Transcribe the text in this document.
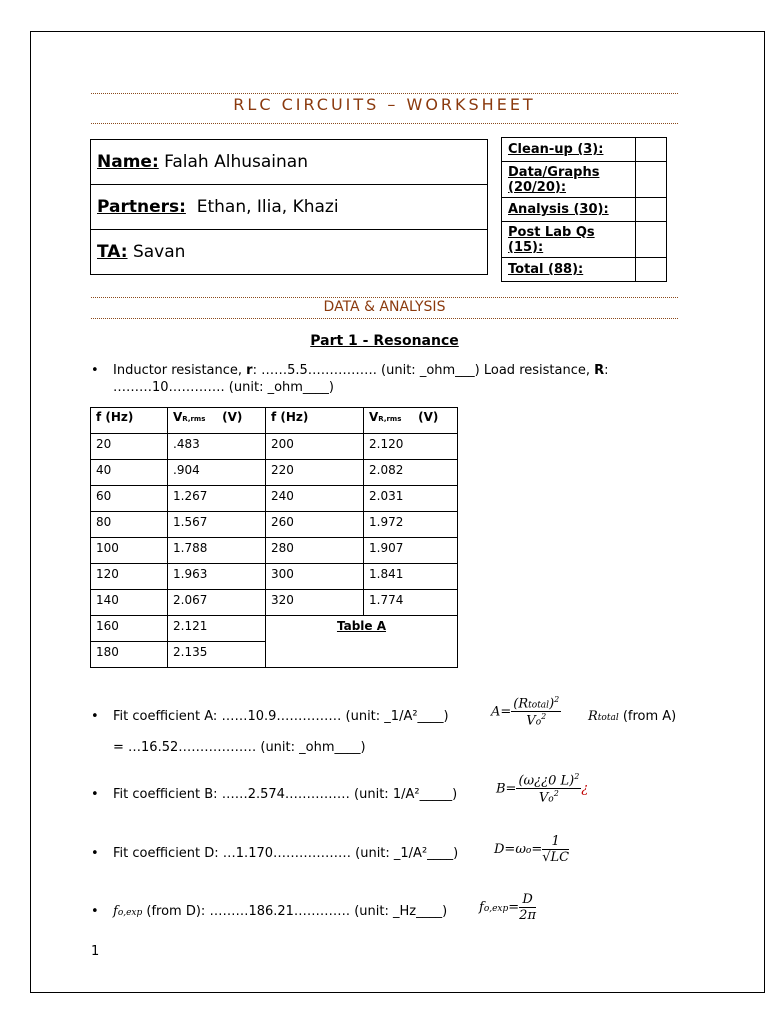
RLC CIRCUITS – WORKSHEET
Name: Falah Alhusainan
Partners:  Ethan, Ilia, Khazi
TA: Savan
Clean-up (3):	
Data/Graphs (20/20):	
Analysis (30):	
Post Lab Qs (15):	
Total (88):	
DATA & ANALYSIS
Part 1 - Resonance
• Inductor resistance, r: ……5.5……………. (unit: _ohm___) Load resistance, R:
………10…………. (unit: _ohm____)
f (Hz)	VR,rms (V)	f (Hz)	VR,rms (V)
20	.483	200	2.120
40	.904	220	2.082
60	1.267	240	2.031
80	1.567	260	1.972
100	1.788	280	1.907
120	1.963	300	1.841
140	2.067	320	1.774
160	2.121	Table A	
180	2.135		
• Fit coefficient A: ……10.9…………… (unit: _1/A²____)	$A= \frac{(Rtotal)^2}{Vo^2}$ Rtotal (from A)
= …16.52……………… (unit: _ohm____)
• Fit coefficient B: ……2.574…………… (unit: 1/A²_____)	$B= \frac{(\omega¿¿0 L)^2}{Vo^2}$ ¿
• Fit coefficient D: …1.170……………… (unit: _1/A²____)	$D=\omega o= \frac{1}{√LC}$
• fo,exp (from D): ………186.21…………. (unit: _Hz____) $fo,\exp= \frac{D}{2\pi}$
1
